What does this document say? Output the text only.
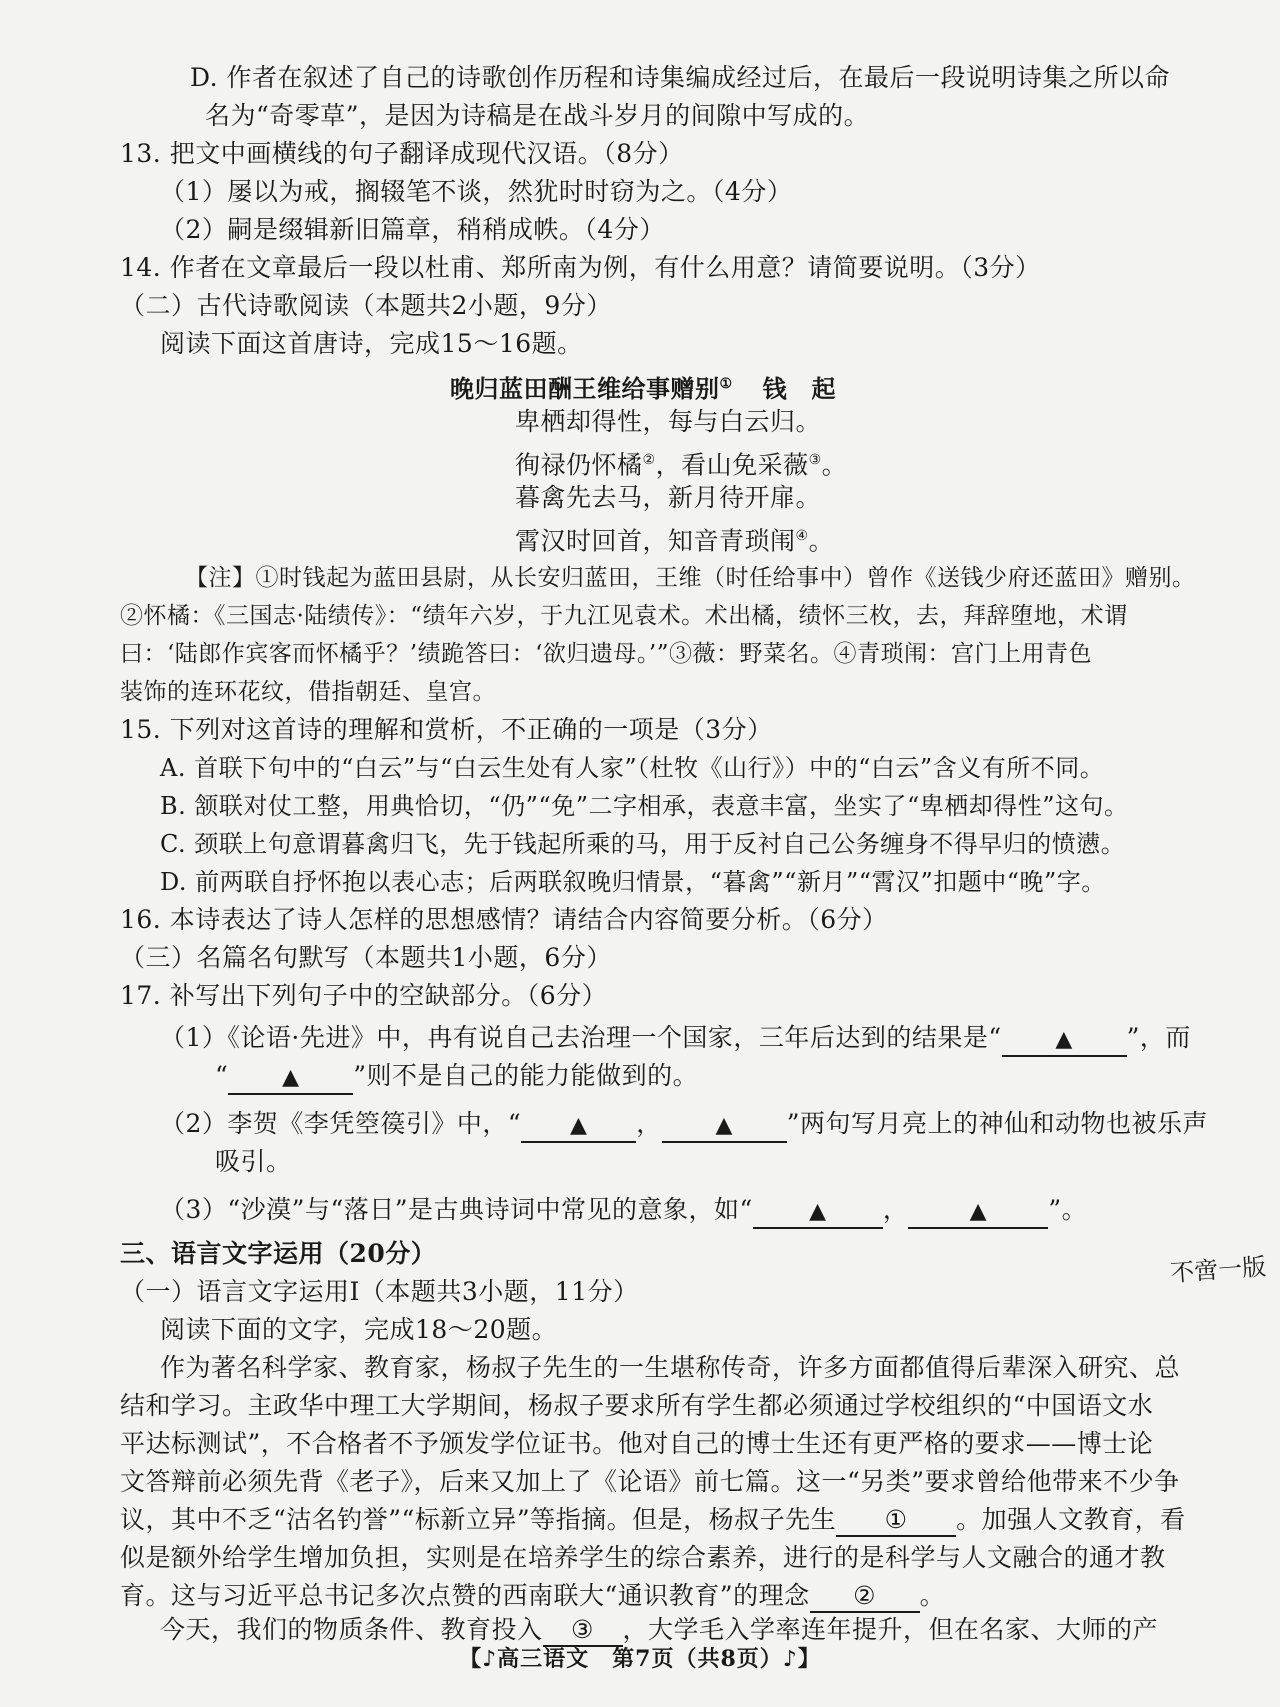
D. 作者在叙述了自己的诗歌创作历程和诗集编成经过后，在最后一段说明诗集之所以命
名为“奇零草”，是因为诗稿是在战斗岁月的间隙中写成的。
13. 把文中画横线的句子翻译成现代汉语。（8分）
（1）屡以为戒，搁辍笔不谈，然犹时时窃为之。（4分）
（2）嗣是缀辑新旧篇章，稍稍成帙。（4分）
14. 作者在文章最后一段以杜甫、郑所南为例，有什么用意？请简要说明。（3分）
（二）古代诗歌阅读（本题共2小题，9分）
阅读下面这首唐诗，完成15～16题。
晚归蓝田酬王维给事赠别① 钱　起
卑栖却得性，每与白云归。
徇禄仍怀橘②，看山免采薇③。
暮禽先去马，新月待开扉。
霄汉时回首，知音青琐闱④。
【注】①时钱起为蓝田县尉，从长安归蓝田，王维（时任给事中）曾作《送钱少府还蓝田》赠别。
②怀橘：《三国志·陆绩传》：“绩年六岁，于九江见袁术。术出橘，绩怀三枚，去，拜辞堕地，术谓
曰：‘陆郎作宾客而怀橘乎？’绩跪答曰：‘欲归遗母。’”③薇：野菜名。④青琐闱：宫门上用青色
装饰的连环花纹，借指朝廷、皇宫。
15. 下列对这首诗的理解和赏析，不正确的一项是（3分）
A. 首联下句中的“白云”与“白云生处有人家”（杜牧《山行》）中的“白云”含义有所不同。
B. 颔联对仗工整，用典恰切，“仍”“免”二字相承，表意丰富，坐实了“卑栖却得性”这句。
C. 颈联上句意谓暮禽归飞，先于钱起所乘的马，用于反衬自己公务缠身不得早归的愤懑。
D. 前两联自抒怀抱以表心志；后两联叙晚归情景，“暮禽”“新月”“霄汉”扣题中“晚”字。
16. 本诗表达了诗人怎样的思想感情？请结合内容简要分析。（6分）
（三）名篇名句默写（本题共1小题，6分）
17. 补写出下列句子中的空缺部分。（6分）
（1）《论语·先进》中，冉有说自己去治理一个国家，三年后达到的结果是“ ▲ ”，而
“ ▲ ”则不是自己的能力能做到的。
（2）李贺《李凭箜篌引》中，“ ▲ ， ▲ ”两句写月亮上的神仙和动物也被乐声
吸引。
（3）“沙漠”与“落日”是古典诗词中常见的意象，如“	▲ ，	▲ ”。
三、语言文字运用（20分）
（一）语言文字运用Ⅰ（本题共3小题，11分）
阅读下面的文字，完成18～20题。
不啻一版
作为著名科学家、教育家，杨叔子先生的一生堪称传奇，许多方面都值得后辈深入研究、总
结和学习。主政华中理工大学期间，杨叔子要求所有学生都必须通过学校组织的“中国语文水
平达标测试”，不合格者不予颁发学位证书。他对自己的博士生还有更严格的要求——博士论
文答辩前必须先背《老子》，后来又加上了《论语》前七篇。这一“另类”要求曾给他带来不少争
议，其中不乏“沽名钓誉”“标新立异”等指摘。但是，杨叔子先生 ① 。加强人文教育，看
似是额外给学生增加负担，实则是在培养学生的综合素养，进行的是科学与人文融合的通才教
育。这与习近平总书记多次点赞的西南联大“通识教育”的理念 ② 。
今天，我们的物质条件、教育投入 ③ ，大学毛入学率连年提升，但在名家、大师的产
【♪高三语文　第7页（共8页）♪】
